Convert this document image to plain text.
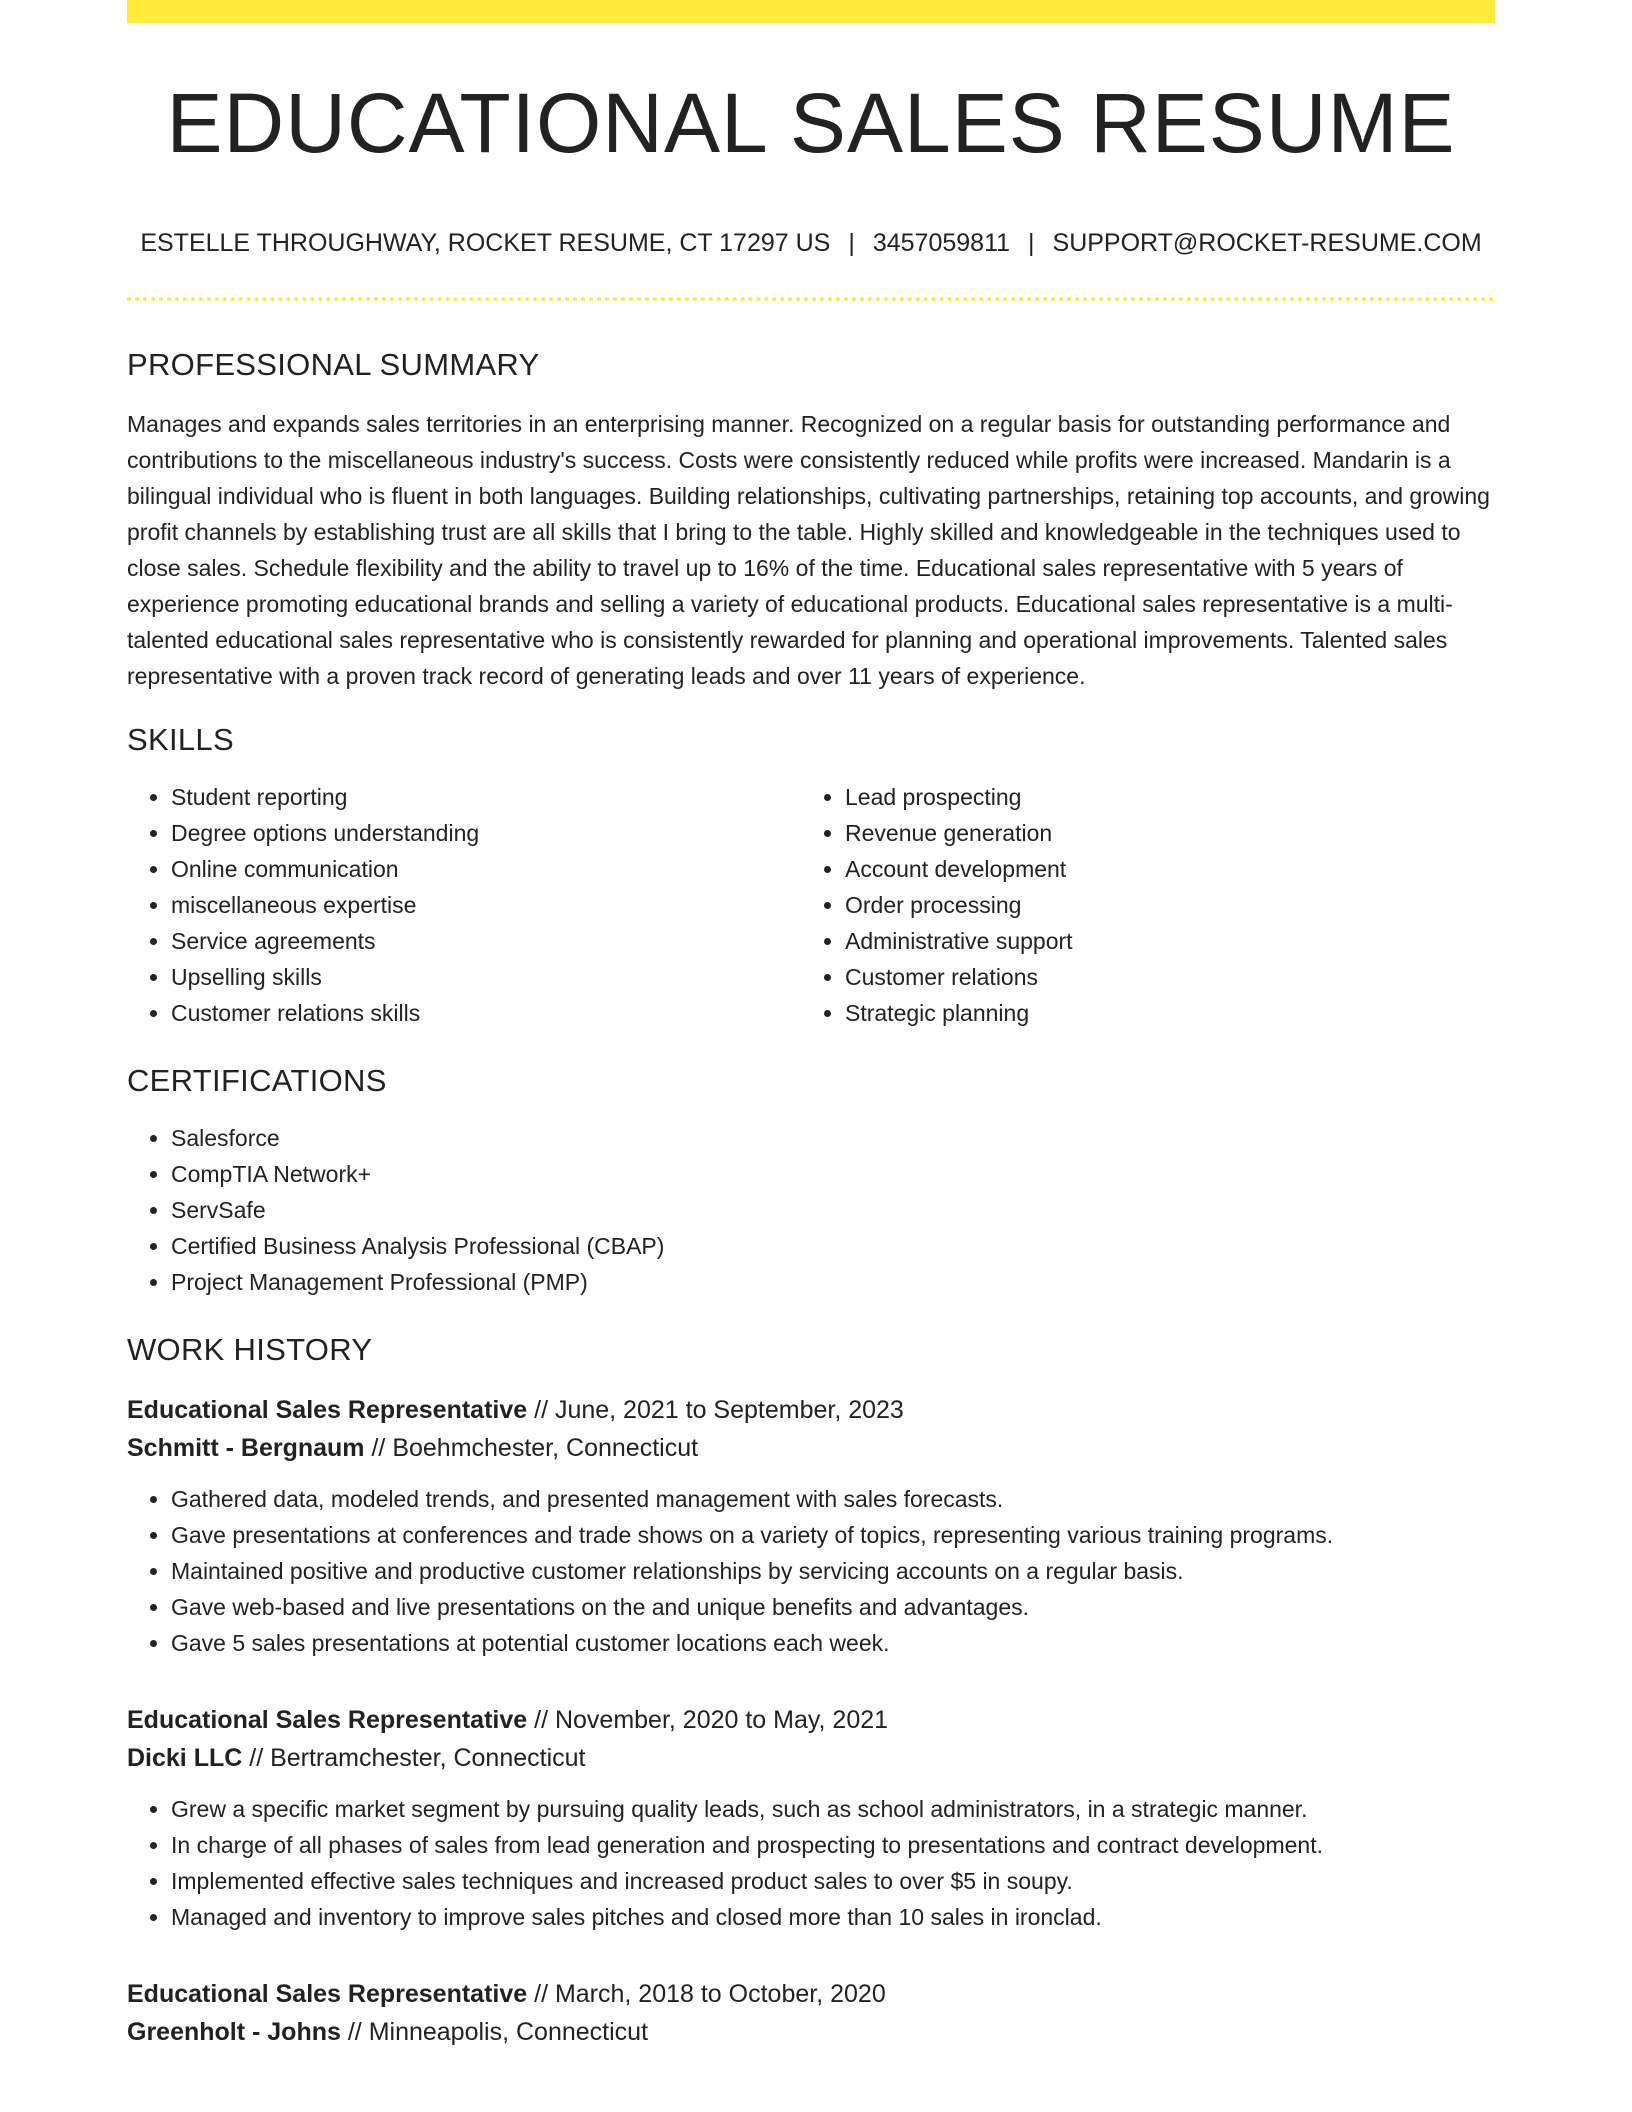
EDUCATIONAL SALES RESUME
ESTELLE THROUGHWAY, ROCKET RESUME, CT 17297 US | 3457059811 | SUPPORT@ROCKET-RESUME.COM
PROFESSIONAL SUMMARY

Manages and expands sales territories in an enterprising manner. Recognized on a regular basis for outstanding performance and contributions to the miscellaneous industry's success. Costs were consistently reduced while profits were increased. Mandarin is a bilingual individual who is fluent in both languages. Building relationships, cultivating partnerships, retaining top accounts, and growing profit channels by establishing trust are all skills that I bring to the table. Highly skilled and knowledgeable in the techniques used to close sales. Schedule flexibility and the ability to travel up to 16% of the time. Educational sales representative with 5 years of experience promoting educational brands and selling a variety of educational products. Educational sales representative is a multi-talented educational sales representative who is consistently rewarded for planning and operational improvements. Talented sales representative with a proven track record of generating leads and over 11 years of experience.

SKILLS
• Student reporting
• Degree options understanding
• Online communication
• miscellaneous expertise
• Service agreements
• Upselling skills
• Customer relations skills
• Lead prospecting
• Revenue generation
• Account development
• Order processing
• Administrative support
• Customer relations
• Strategic planning
CERTIFICATIONS
• Salesforce
• CompTIA Network+
• ServSafe
• Certified Business Analysis Professional (CBAP)
• Project Management Professional (PMP)
WORK HISTORY
Educational Sales Representative // June, 2021 to September, 2023
Schmitt - Bergnaum // Boehmchester, Connecticut
• Gathered data, modeled trends, and presented management with sales forecasts.
• Gave presentations at conferences and trade shows on a variety of topics, representing various training programs.
• Maintained positive and productive customer relationships by servicing accounts on a regular basis.
• Gave web-based and live presentations on the and unique benefits and advantages.
• Gave 5 sales presentations at potential customer locations each week.
Educational Sales Representative // November, 2020 to May, 2021
Dicki LLC // Bertramchester, Connecticut
• Grew a specific market segment by pursuing quality leads, such as school administrators, in a strategic manner.
• In charge of all phases of sales from lead generation and prospecting to presentations and contract development.
• Implemented effective sales techniques and increased product sales to over $5 in soupy.
• Managed and inventory to improve sales pitches and closed more than 10 sales in ironclad.
Educational Sales Representative // March, 2018 to October, 2020
Greenholt - Johns // Minneapolis, Connecticut
